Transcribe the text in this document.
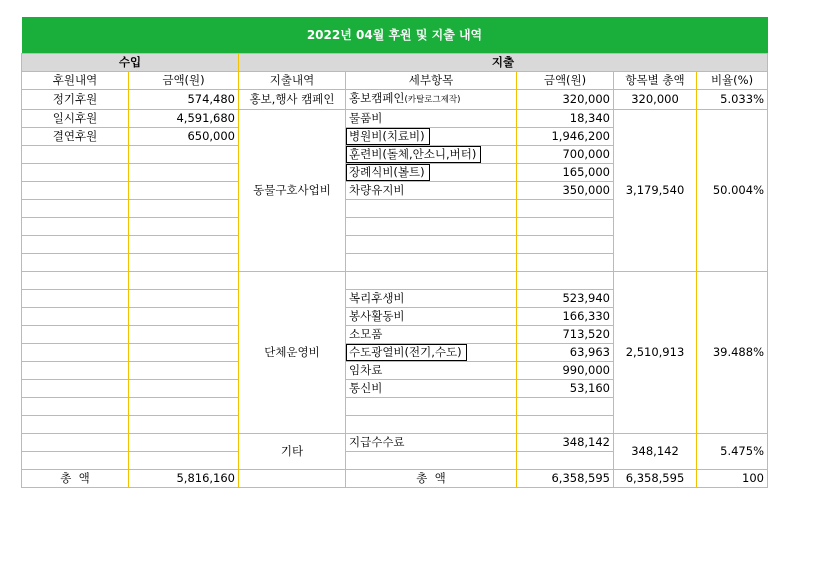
2022년 04월 후원 및 지출 내역						
수입		지출				
후원내역	금액(원)	지출내역	세부항목	금액(원)	항목별 총액	비율(%)
정기후원	574,480	홍보,행사 캠페인	홍보캠페인(카탈로그제작)	320,000	320,000	5.033%
일시후원	4,591,680	동물구호사업비	물품비	18,340	3,179,540	50.004%
결연후원	650,000		병원비(치료비)	1,946,200		
			훈련비(돌체,안소니,버터)	700,000		
			장례식비(볼트)	165,000		
			차량유지비	350,000		

		단체운영비			2,510,913	39.488%
			복리후생비	523,940		
			봉사활동비	166,330		
			소모품	713,520		
			수도광열비(전기,수도)	63,963		
			임차료	990,000		
			통신비	53,160		

		기타	지급수수료	348,142	348,142	5.475%

총  액	5,816,160		총  액	6,358,595	6,358,595	100
